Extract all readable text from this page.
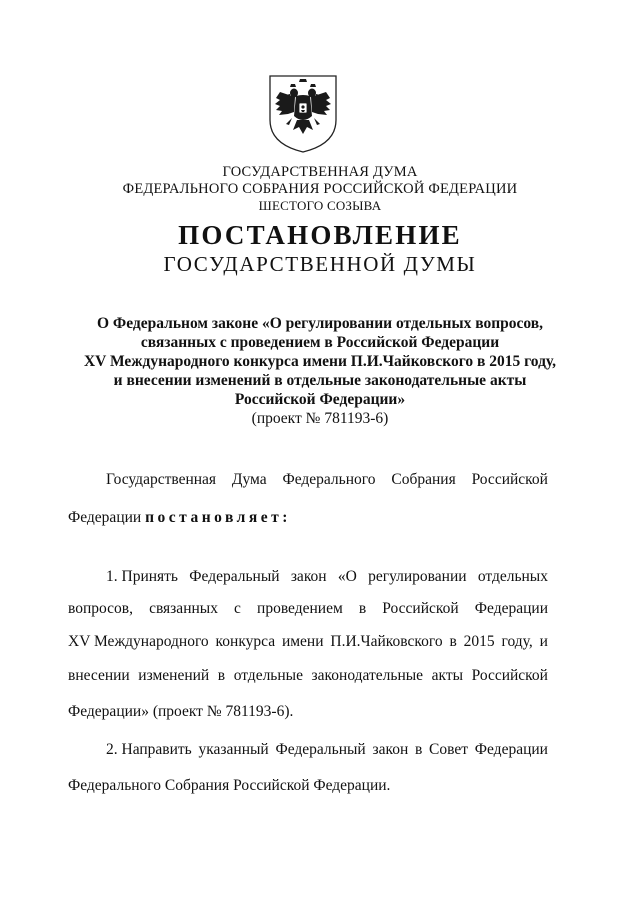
ГОСУДАРСТВЕННАЯ ДУМА
ФЕДЕРАЛЬНОГО СОБРАНИЯ РОССИЙСКОЙ ФЕДЕРАЦИИ
ШЕСТОГО СОЗЫВА
ПОСТАНОВЛЕНИЕ
ГОСУДАРСТВЕННОЙ ДУМЫ
О Федеральном законе «О регулировании отдельных вопросов,
связанных с проведением в Российской Федерации
XV Международного конкурса имени П.И.Чайковского в 2015 году,
и внесении изменений в отдельные законодательные акты
Российской Федерации»
(проект № 781193-6)
Государственная Дума Федерального Собрания Российской
Федерации постановляет:
1. Принять Федеральный закон «О регулировании отдельных
вопросов, связанных с проведением в Российской Федерации
XV Международного конкурса имени П.И.Чайковского в 2015 году, и
внесении изменений в отдельные законодательные акты Российской
Федерации» (проект № 781193-6).
2. Направить указанный Федеральный закон в Совет Федерации
Федерального Собрания Российской Федерации.
